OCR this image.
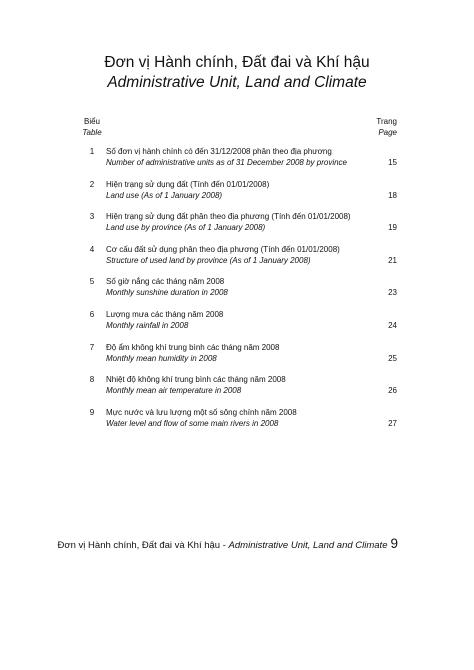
Đơn vị Hành chính, Đất đai và Khí hậu
Administrative Unit, Land and Climate
Biểu
Table
Trang
Page
1	Số đơn vị hành chính có đến 31/12/2008 phân theo địa phương
Number of administrative units as of 31 December 2008 by province	15
2	Hiện trạng sử dụng đất (Tính đến 01/01/2008)
Land use (As of 1 January 2008)	18
3	Hiện trạng sử dụng đất phân theo địa phương (Tính đến 01/01/2008)
Land use by province (As of 1 January 2008)	19
4	Cơ cấu đất sử dụng phân theo địa phương (Tính đến 01/01/2008)
Structure of used land by province (As of 1 January 2008)	21
5	Số giờ nắng các tháng năm 2008
Monthly sunshine duration in 2008	23
6	Lượng mưa các tháng năm 2008
Monthly rainfall in 2008	24
7	Độ ẩm không khí trung bình các tháng năm 2008
Monthly mean humidity in 2008	25
8	Nhiệt độ không khí trung bình các tháng năm 2008
Monthly mean air temperature in 2008	26
9	Mực nước và lưu lượng một số sông chính năm 2008
Water level and flow of some main rivers in 2008	27
Đơn vị Hành chính, Đất đai và Khí hậu - Administrative Unit, Land and Climate 9
